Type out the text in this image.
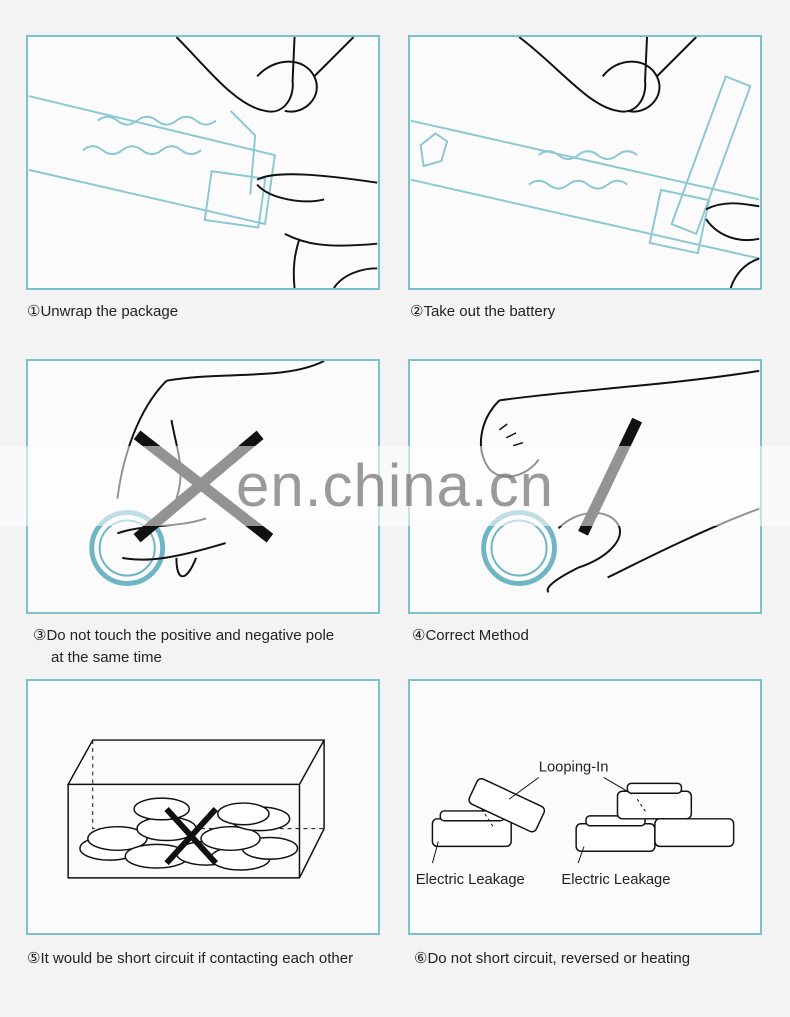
①Unwrap the package	②Take out the battery
③Do not touch the positive and negative pole
at the same time
④Correct Method
⑤It would be short circuit if contacting each other
Looping-In
Electric Leakage Electric Leakage
⑥Do not short circuit, reversed or heating
en.china.cn
